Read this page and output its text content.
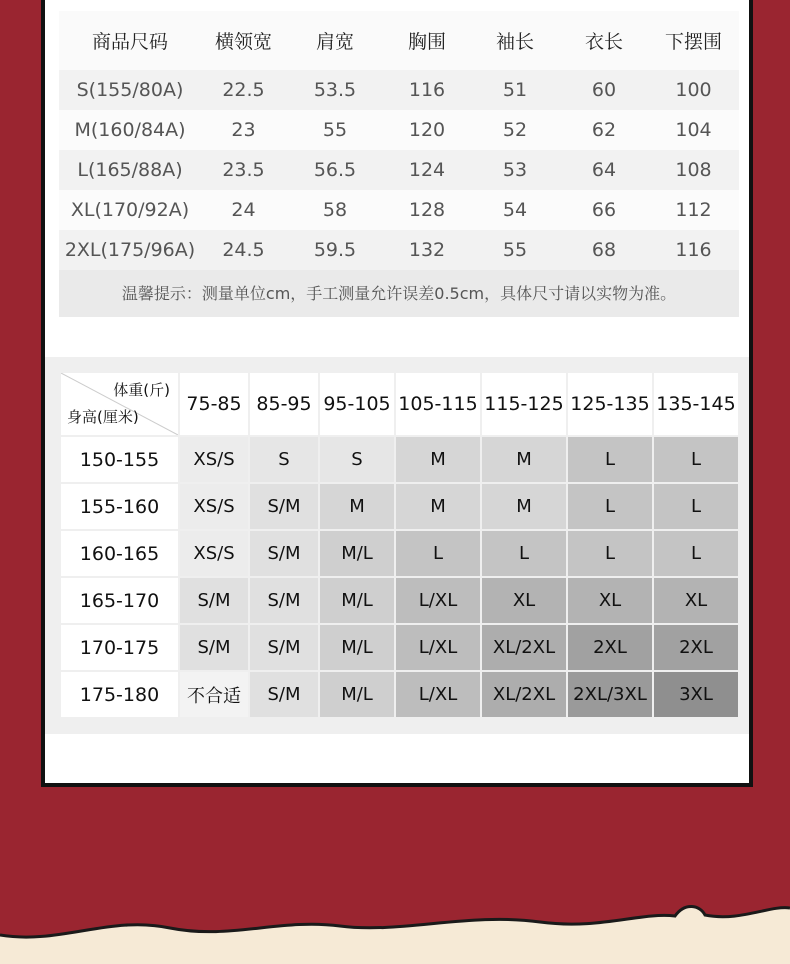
商品尺码	横领宽	肩宽	胸围	袖长	衣长	下摆围
S(155/80A)	22.5	53.5	116	51	60	100
M(160/84A)	23	55	120	52	62	104
L(165/88A)	23.5	56.5	124	53	64	108
XL(170/92A)	24	58	128	54	66	112
2XL(175/96A)	24.5	59.5	132	55	68	116
温馨提示：测量单位cm，手工测量允许误差0.5cm，具体尺寸请以实物为准。
体重(斤)
身高(厘米)	75-85	85-95	95-105	105-115	115-125	125-135	135-145
150-155	XS/S	S	S	M	M	L	L
155-160	XS/S	S/M	M	M	M	L	L
160-165	XS/S	S/M	M/L	L	L	L	L
165-170	S/M	S/M	M/L	L/XL	XL	XL	XL
170-175	S/M	S/M	M/L	L/XL	XL/2XL	2XL	2XL
175-180	不合适	S/M	M/L	L/XL	XL/2XL	2XL/3XL	3XL
